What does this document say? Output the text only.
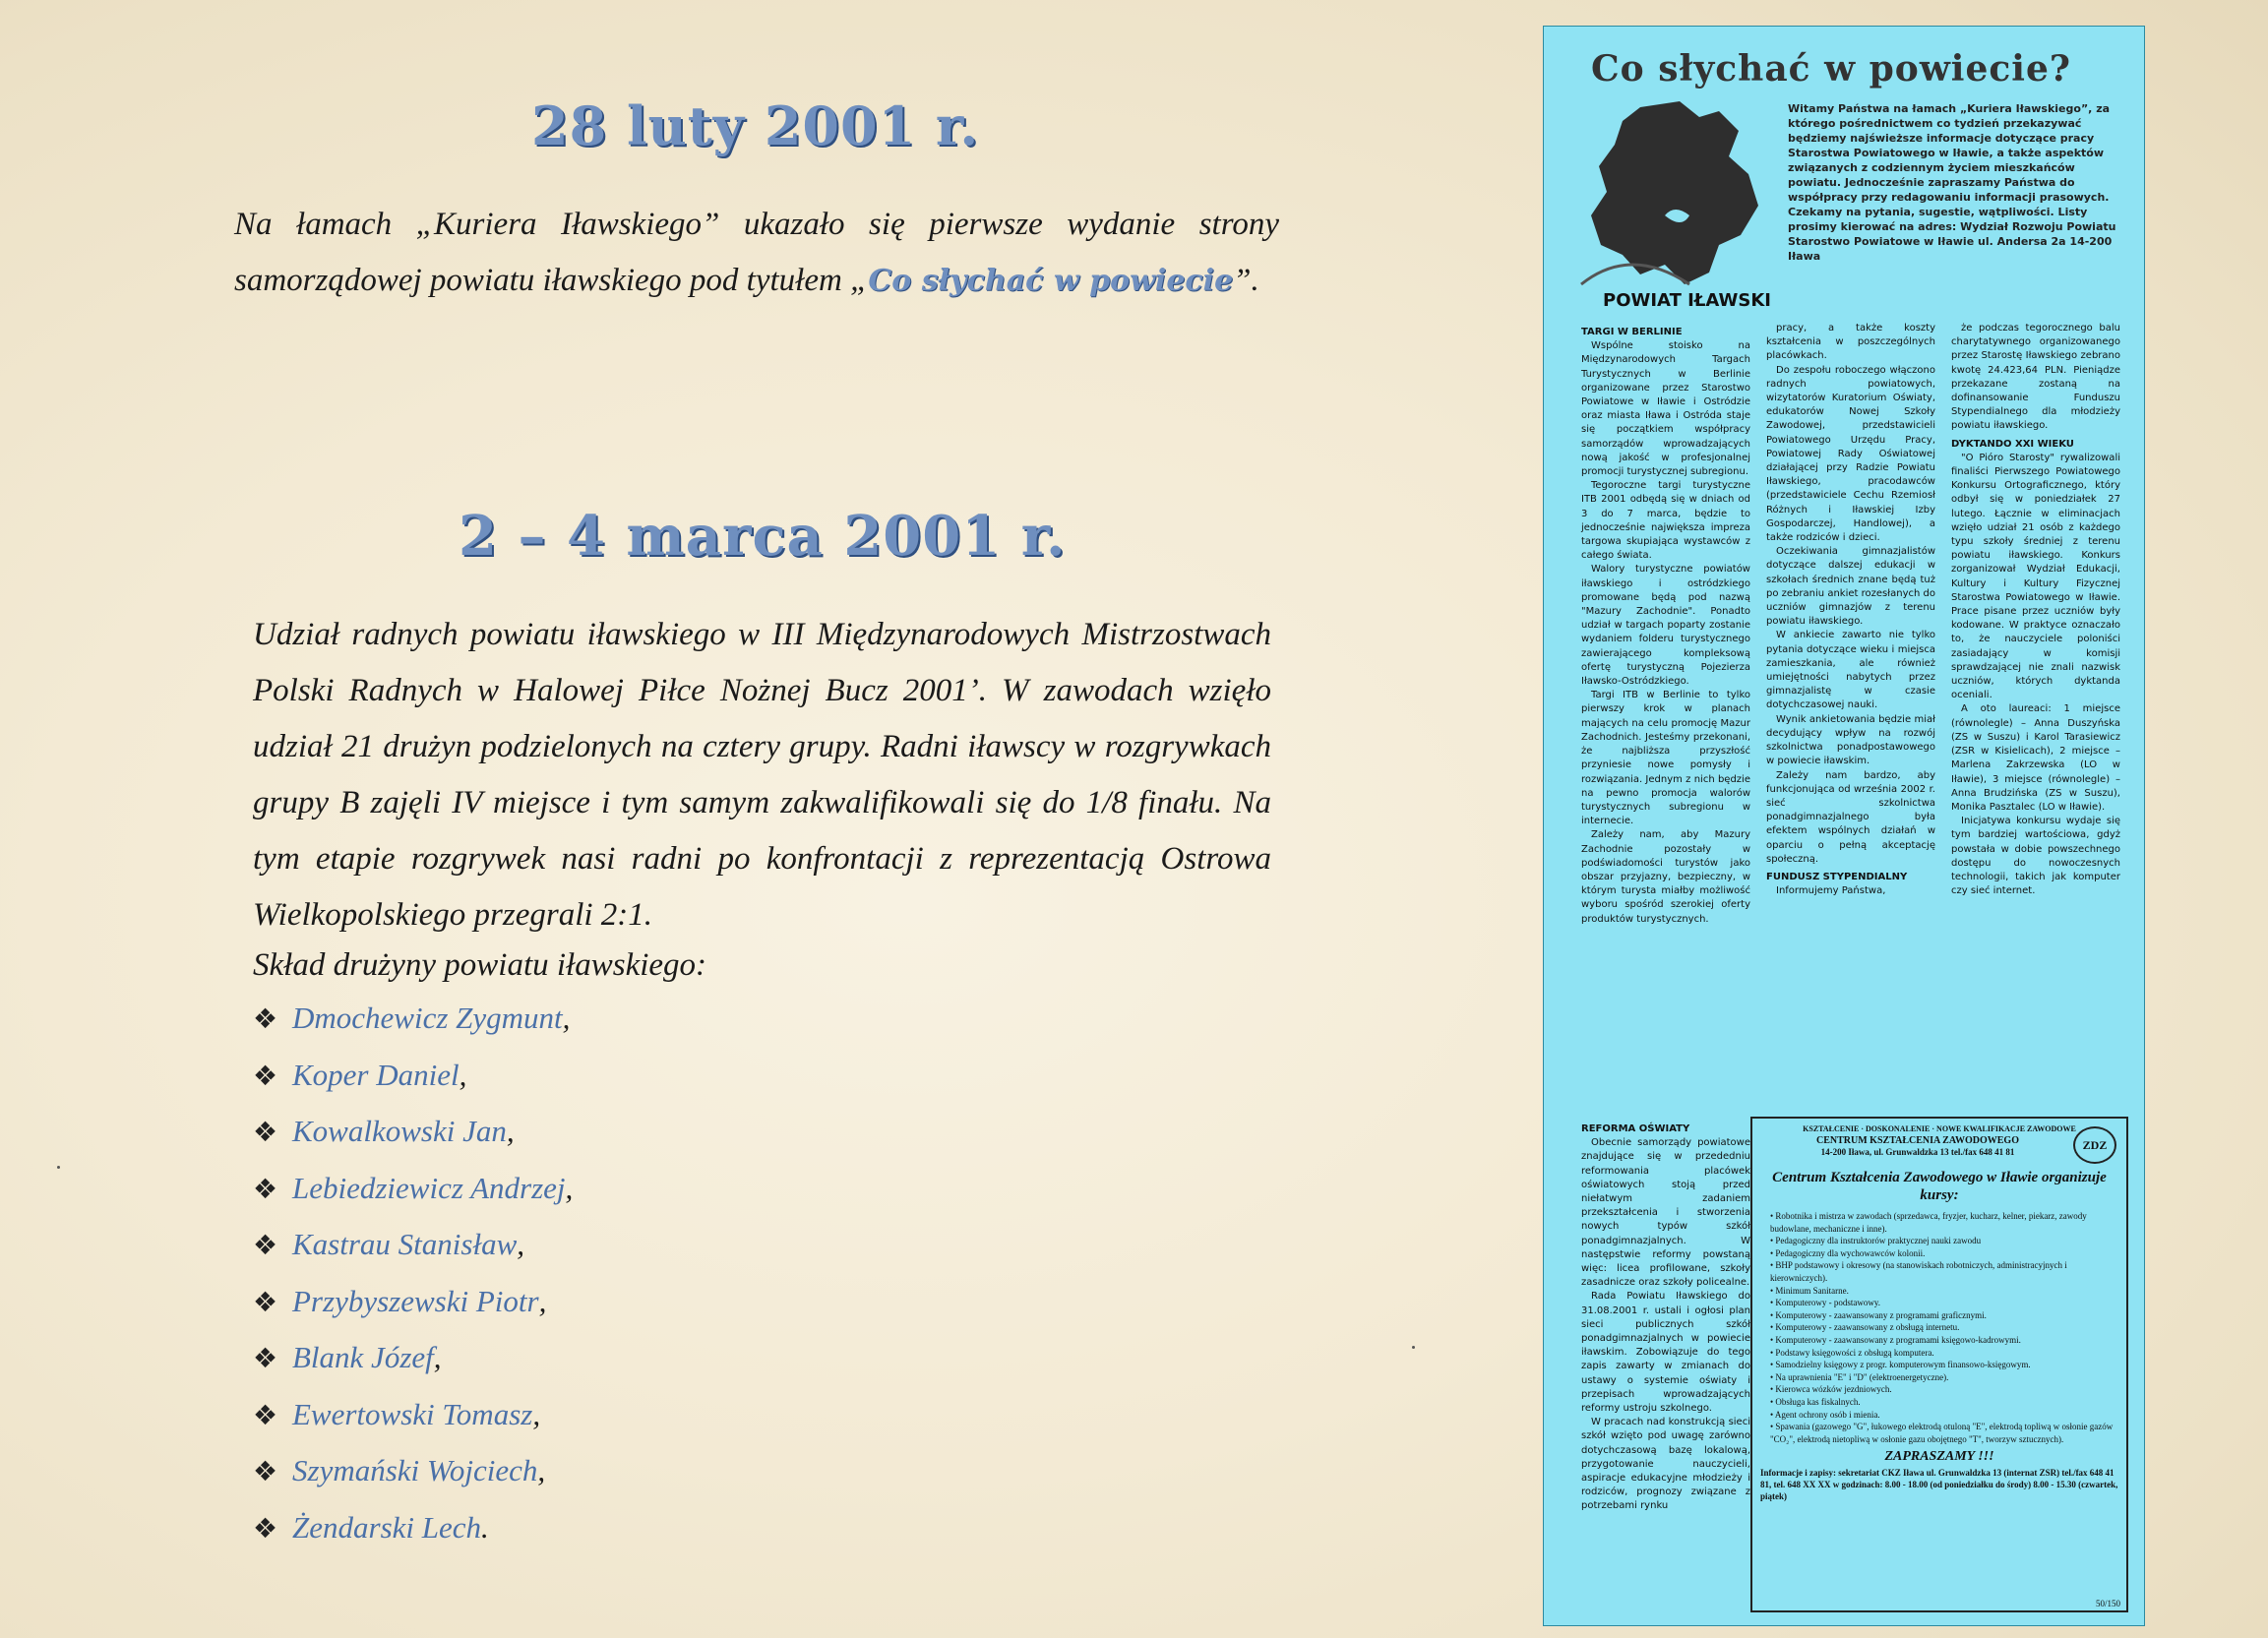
28 luty 2001 r.

Na łamach „Kuriera Iławskiego” ukazało się pierwsze wydanie strony samorządowej powiatu iławskiego pod tytułem „Co słychać w powiecie”.

2 – 4 marca 2001 r.

Udział radnych powiatu iławskiego w III Międzynarodowych Mistrzostwach Polski Radnych w Halowej Piłce Nożnej Bucz 2001’. W zawodach wzięło udział 21 drużyn podzielonych na cztery grupy. Radni iławscy w rozgrywkach grupy B zajęli IV miejsce i tym samym zakwalifikowali się do 1/8 finału. Na tym etapie rozgrywek nasi radni po konfrontacji z reprezentacją Ostrowa Wielkopolskiego przegrali 2:1.

Skład drużyny powiatu iławskiego:

❖ Dmochewicz Zygmunt ,
❖ Koper Daniel ,
❖ Kowalkowski Jan ,
❖ Lebiedziewicz Andrzej ,
❖ Kastrau Stanisław ,
❖ Przybyszewski Piotr ,
❖ Blank Józef ,
❖ Ewertowski Tomasz ,
❖ Szymański Wojciech ,
❖ Żendarski Lech .
Co słychać w powiecie?

POWIAT IŁAWSKI

Witamy Państwa na łamach „Kuriera Iławskiego”, za którego pośrednictwem co tydzień przekazywać będziemy najświeższe informacje dotyczące pracy Starostwa Powiatowego w Iławie, a także aspektów związanych z codziennym życiem mieszkańców powiatu. Jednocześnie zapraszamy Państwa do współpracy przy redagowaniu informacji prasowych. Czekamy na pytania, sugestie, wątpliwości. Listy prosimy kierować na adres: Wydział Rozwoju Powiatu Starostwo Powiatowe w Iławie ul. Andersa 2a 14-200 Iława

TARGI W BERLINIE

Wspólne stoisko na Międzynarodowych Targach Turystycznych w Berlinie organizowane przez Starostwo Powiatowe w Iławie i Ostródzie oraz miasta Iława i Ostróda staje się początkiem współpracy samorządów wprowadzających nową jakość w profesjonalnej promocji turystycznej subregionu.

Tegoroczne targi turystyczne ITB 2001 odbędą się w dniach od 3 do 7 marca, będzie to jednocześnie największa impreza targowa skupiająca wystawców z całego świata.

Walory turystyczne powiatów iławskiego i ostródzkiego promowane będą pod nazwą "Mazury Zachodnie". Ponadto udział w targach poparty zostanie wydaniem folderu turystycznego zawierającego kompleksową ofertę turystyczną Pojezierza Iławsko-Ostródzkiego.

Targi ITB w Berlinie to tylko pierwszy krok w planach mających na celu promocję Mazur Zachodnich. Jesteśmy przekonani, że najbliższa przyszłość przyniesie nowe pomysły i rozwiązania. Jednym z nich będzie na pewno promocja walorów turystycznych subregionu w internecie.

Zależy nam, aby Mazury Zachodnie pozostały w podświadomości turystów jako obszar przyjazny, bezpieczny, w którym turysta miałby możliwość wyboru spośród szerokiej oferty produktów turystycznych.

pracy, a także koszty kształcenia w poszczególnych placówkach.

Do zespołu roboczego włączono radnych powiatowych, wizytatorów Kuratorium Oświaty, edukatorów Nowej Szkoły Zawodowej, przedstawicieli Powiatowego Urzędu Pracy, Powiatowej Rady Oświatowej działającej przy Radzie Powiatu Iławskiego, pracodawców (przedstawiciele Cechu Rzemiosł Różnych i Iławskiej Izby Gospodarczej, Handlowej), a także rodziców i dzieci.

Oczekiwania gimnazjalistów dotyczące dalszej edukacji w szkołach średnich znane będą tuż po zebraniu ankiet rozesłanych do uczniów gimnazjów z terenu powiatu iławskiego.

W ankiecie zawarto nie tylko pytania dotyczące wieku i miejsca zamieszkania, ale również umiejętności nabytych przez gimnazjalistę w czasie dotychczasowej nauki.

Wynik ankietowania będzie miał decydujący wpływ na rozwój szkolnictwa ponadpostawowego w powiecie iławskim.

Zależy nam bardzo, aby funkcjonująca od września 2002 r. sieć szkolnictwa ponadgimnazjalnego była efektem wspólnych działań w oparciu o pełną akceptację społeczną.

FUNDUSZ STYPENDIALNY

Informujemy Państwa,

że podczas tegorocznego balu charytatywnego organizowanego przez Starostę Iławskiego zebrano kwotę 24.423,64 PLN. Pieniądze przekazane zostaną na dofinansowanie Funduszu Stypendialnego dla młodzieży powiatu iławskiego.

DYKTANDO XXI WIEKU

"O Pióro Starosty" rywalizowali finaliści Pierwszego Powiatowego Konkursu Ortograficznego, który odbył się w poniedziałek 27 lutego. Łącznie w eliminacjach wzięło udział 21 osób z każdego typu szkoły średniej z terenu powiatu iławskiego. Konkurs zorganizował Wydział Edukacji, Kultury i Kultury Fizycznej Starostwa Powiatowego w Iławie. Prace pisane przez uczniów były kodowane. W praktyce oznaczało to, że nauczyciele poloniści zasiadający w komisji sprawdzającej nie znali nazwisk uczniów, których dyktanda oceniali.

A oto laureaci: 1 miejsce (równolegle) – Anna Duszyńska (ZS w Suszu) i Karol Tarasiewicz (ZSR w Kisielicach), 2 miejsce – Marlena Zakrzewska (LO w Iławie), 3 miejsce (równolegle) – Anna Brudzińska (ZS w Suszu), Monika Pasztalec (LO w Iławie).

Inicjatywa konkursu wydaje się tym bardziej wartościowa, gdyż powstała w dobie powszechnego dostępu do nowoczesnych technologii, takich jak komputer czy sieć internet.

REFORMA OŚWIATY

Obecnie samorządy powiatowe znajdujące się w przededniu reformowania placówek oświatowych stoją przed niełatwym zadaniem przekształcenia i stworzenia nowych typów szkół ponadgimnazjalnych. W następstwie reformy powstaną więc: licea profilowane, szkoły zasadnicze oraz szkoły policealne.

Rada Powiatu Iławskiego do 31.08.2001 r. ustali i ogłosi plan sieci publicznych szkół ponadgimnazjalnych w powiecie iławskim. Zobowiązuje do tego zapis zawarty w zmianach do ustawy o systemie oświaty i przepisach wprowadzających reformy ustroju szkolnego.

W pracach nad konstrukcją sieci szkół wzięto pod uwagę zarówno dotychczasową bazę lokalową, przygotowanie nauczycieli, aspiracje edukacyjne młodzieży i rodziców, prognozy związane z potrzebami rynku

KSZTAŁCENIE · DOSKONALENIE · NOWE KWALIFIKACJE ZAWODOWE
CENTRUM KSZTAŁCENIA ZAWODOWEGO
14-200 Iława, ul. Grunwaldzka 13 tel./fax 648 41 81	ZDZ
Centrum Kształcenia Zawodowego w Iławie organizuje kursy:
• Robotnika i mistrza w zawodach (sprzedawca, fryzjer, kucharz, kelner, piekarz, zawody budowlane, mechaniczne i inne).
• Pedagogiczny dla instruktorów praktycznej nauki zawodu
• Pedagogiczny dla wychowawców kolonii.
• BHP podstawowy i okresowy (na stanowiskach robotniczych, administracyjnych i kierowniczych).
• Minimum Sanitarne.
• Komputerowy - podstawowy.
• Komputerowy - zaawansowany z programami graficznymi.
• Komputerowy - zaawansowany z obsługą internetu.
• Komputerowy - zaawansowany z programami księgowo-kadrowymi.
• Podstawy księgowości z obsługą komputera.
• Samodzielny księgowy z progr. komputerowym finansowo-księgowym.
• Na uprawnienia "E" i "D" (elektroenergetyczne).
• Kierowca wózków jezdniowych.
• Obsługa kas fiskalnych.
• Agent ochrony osób i mienia.
• Spawania (gazowego "G", łukowego elektrodą otuloną "E", elektrodą topliwą w osłonie gazów "CO₂", elektrodą nietopliwą w osłonie gazu obojętnego "T", tworzyw sztucznych).
ZAPRASZAMY !!!
Informacje i zapisy: sekretariat CKZ Iława ul. Grunwaldzka 13 (internat ZSR) tel./fax 648 41 81, tel. 648 XX XX w godzinach: 8.00 - 18.00 (od poniedziałku do środy) 8.00 - 15.30 (czwartek, piątek)
50/150
